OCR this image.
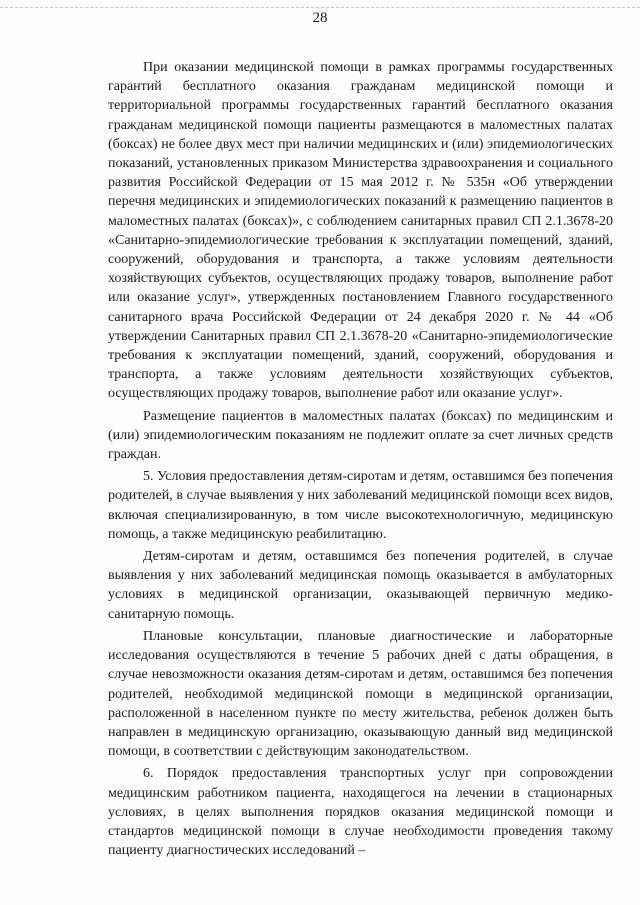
28

При оказании медицинской помощи в рамках программы государственных гарантий бесплатного оказания гражданам медицинской помощи и территориальной программы государственных гарантий бесплатного оказания гражданам медицинской помощи пациенты размещаются в маломестных палатах (боксах) не более двух мест при наличии медицинских и (или) эпидемиологических показаний, установленных приказом Министерства здравоохранения и социального развития Российской Федерации от 15 мая 2012 г. № 535н «Об утверждении перечня медицинских и эпидемиологических показаний к размещению пациентов в маломестных палатах (боксах)», с соблюдением санитарных правил СП 2.1.3678-20 «Санитарно-эпидемиологические требования к эксплуатации помещений, зданий, сооружений, оборудования и транспорта, а также условиям деятельности хозяйствующих субъектов, осуществляющих продажу товаров, выполнение работ или оказание услуг», утвержденных постановлением Главного государственного санитарного врача Российской Федерации от 24 декабря 2020 г. № 44 «Об утверждении Санитарных правил СП 2.1.3678-20 «Санитарно-эпидемиологические требования к эксплуатации помещений, зданий, сооружений, оборудования и транспорта, а также условиям деятельности хозяйствующих субъектов, осуществляющих продажу товаров, выполнение работ или оказание услуг».

Размещение пациентов в маломестных палатах (боксах) по медицинским и (или) эпидемиологическим показаниям не подлежит оплате за счет личных средств граждан.

5. Условия предоставления детям-сиротам и детям, оставшимся без попечения родителей, в случае выявления у них заболеваний медицинской помощи всех видов, включая специализированную, в том числе высокотехнологичную, медицинскую помощь, а также медицинскую реабилитацию.

Детям-сиротам и детям, оставшимся без попечения родителей, в случае выявления у них заболеваний медицинская помощь оказывается в амбулаторных условиях в медицинской организации, оказывающей первичную медико-санитарную помощь.

Плановые консультации, плановые диагностические и лабораторные исследования осуществляются в течение 5 рабочих дней с даты обращения, в случае невозможности оказания детям-сиротам и детям, оставшимся без попечения родителей, необходимой медицинской помощи в медицинской организации, расположенной в населенном пункте по месту жительства, ребенок должен быть направлен в медицинскую организацию, оказывающую данный вид медицинской помощи, в соответствии с действующим законодательством.

6. Порядок предоставления транспортных услуг при сопровождении медицинским работником пациента, находящегося на лечении в стационарных условиях, в целях выполнения порядков оказания медицинской помощи и стандартов медицинской помощи в случае необходимости проведения такому пациенту диагностических исследований –
